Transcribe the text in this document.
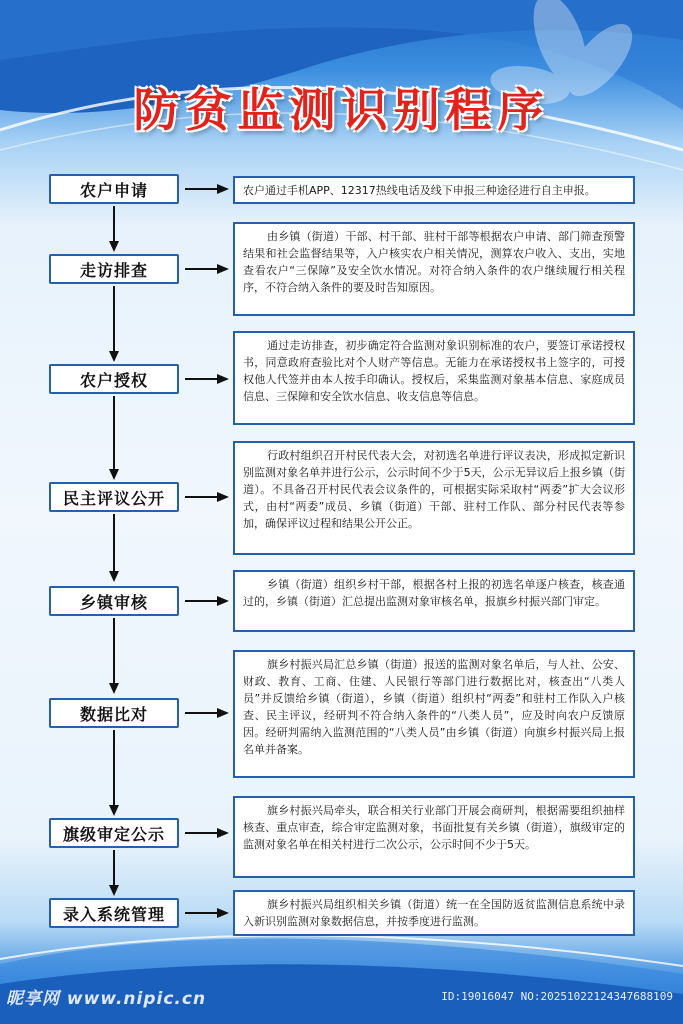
防贫监测识别程序
农户申请	农户通过手机APP、12317热线电话及线下申报三种途径进行自主申报。
走访排查
由乡镇（街道）干部、村干部、驻村干部等根据农户申请、部门筛查预警结果和社会监督结果等，入户核实农户相关情况，测算农户收入、支出，实地查看农户“三保障”及安全饮水情况。对符合纳入条件的农户继续履行相关程序，不符合纳入条件的要及时告知原因。
农户授权
通过走访排查，初步确定符合监测对象识别标准的农户，要签订承诺授权书，同意政府查验比对个人财产等信息。无能力在承诺授权书上签字的，可授权他人代签并由本人按手印确认。授权后，采集监测对象基本信息、家庭成员信息、三保障和安全饮水信息、收支信息等信息。
民主评议公开
行政村组织召开村民代表大会，对初选名单进行评议表决，形成拟定新识别监测对象名单并进行公示，公示时间不少于5天，公示无异议后上报乡镇（街道）。不具备召开村民代表会议条件的，可根据实际采取村“两委”扩大会议形式，由村“两委”成员、乡镇（街道）干部、驻村工作队、部分村民代表等参加，确保评议过程和结果公开公正。
乡镇审核
乡镇（街道）组织乡村干部，根据各村上报的初选名单逐户核查，核查通过的，乡镇（街道）汇总提出监测对象审核名单，报旗乡村振兴部门审定。
数据比对
旗乡村振兴局汇总乡镇（街道）报送的监测对象名单后，与人社、公安、财政、教育、工商、住建、人民银行等部门进行数据比对，核查出“八类人员”并反馈给乡镇（街道），乡镇（街道）组织村“两委”和驻村工作队入户核查、民主评议，经研判不符合纳入条件的“八类人员”，应及时向农户反馈原因。经研判需纳入监测范围的“八类人员”由乡镇（街道）向旗乡村振兴局上报名单并备案。
旗级审定公示
旗乡村振兴局牵头，联合相关行业部门开展会商研判，根据需要组织抽样核查、重点审查，综合审定监测对象，书面批复有关乡镇（街道），旗级审定的监测对象名单在相关村进行二次公示，公示时间不少于5天。
录入系统管理	旗乡村振兴局组织相关乡镇（街道）统一在全国防返贫监测信息系统中录入新识别监测对象数据信息，并按季度进行监测。
昵享网 www.nipic.cn	ID:19016047 NO:20251022124347688109
